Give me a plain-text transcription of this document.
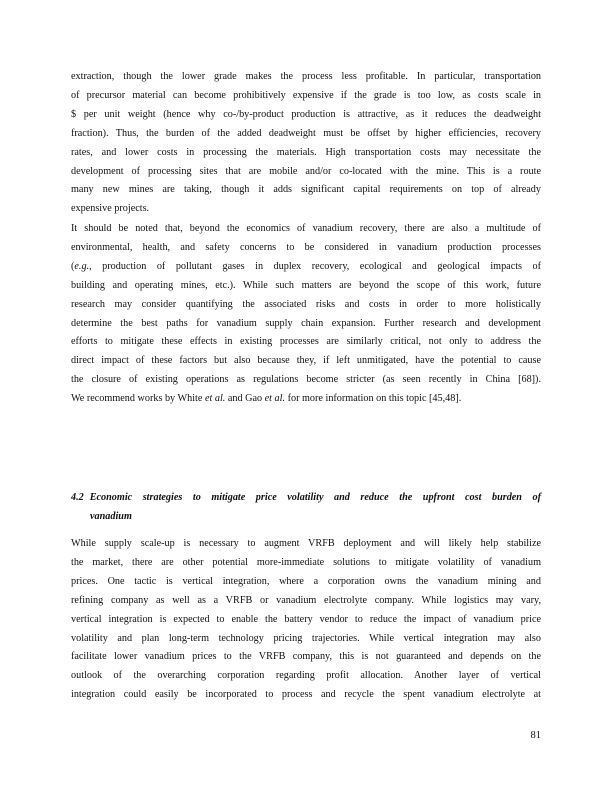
extraction, though the lower grade makes the process less profitable. In particular, transportation
of precursor material can become prohibitively expensive if the grade is too low, as costs scale in
$ per unit weight (hence why co-/by-product production is attractive, as it reduces the deadweight
fraction). Thus, the burden of the added deadweight must be offset by higher efficiencies, recovery
rates, and lower costs in processing the materials. High transportation costs may necessitate the
development of processing sites that are mobile and/or co-located with the mine. This is a route
many new mines are taking, though it adds significant capital requirements on top of already
expensive projects.
It should be noted that, beyond the economics of vanadium recovery, there are also a multitude of
environmental, health, and safety concerns to be considered in vanadium production processes
(e.g., production of pollutant gases in duplex recovery, ecological and geological impacts of
building and operating mines, etc.). While such matters are beyond the scope of this work, future
research may consider quantifying the associated risks and costs in order to more holistically
determine the best paths for vanadium supply chain expansion. Further research and development
efforts to mitigate these effects in existing processes are similarly critical, not only to address the
direct impact of these factors but also because they, if left unmitigated, have the potential to cause
the closure of existing operations as regulations become stricter (as seen recently in China [68]).
We recommend works by White et al. and Gao et al. for more information on this topic [45,48].
4.2 Economic strategies to mitigate price volatility and reduce the upfront cost burden of
vanadium
While supply scale-up is necessary to augment VRFB deployment and will likely help stabilize
the market, there are other potential more-immediate solutions to mitigate volatility of vanadium
prices. One tactic is vertical integration, where a corporation owns the vanadium mining and
refining company as well as a VRFB or vanadium electrolyte company. While logistics may vary,
vertical integration is expected to enable the battery vendor to reduce the impact of vanadium price
volatility and plan long-term technology pricing trajectories. While vertical integration may also
facilitate lower vanadium prices to the VRFB company, this is not guaranteed and depends on the
outlook of the overarching corporation regarding profit allocation. Another layer of vertical
integration could easily be incorporated to process and recycle the spent vanadium electrolyte at
81
